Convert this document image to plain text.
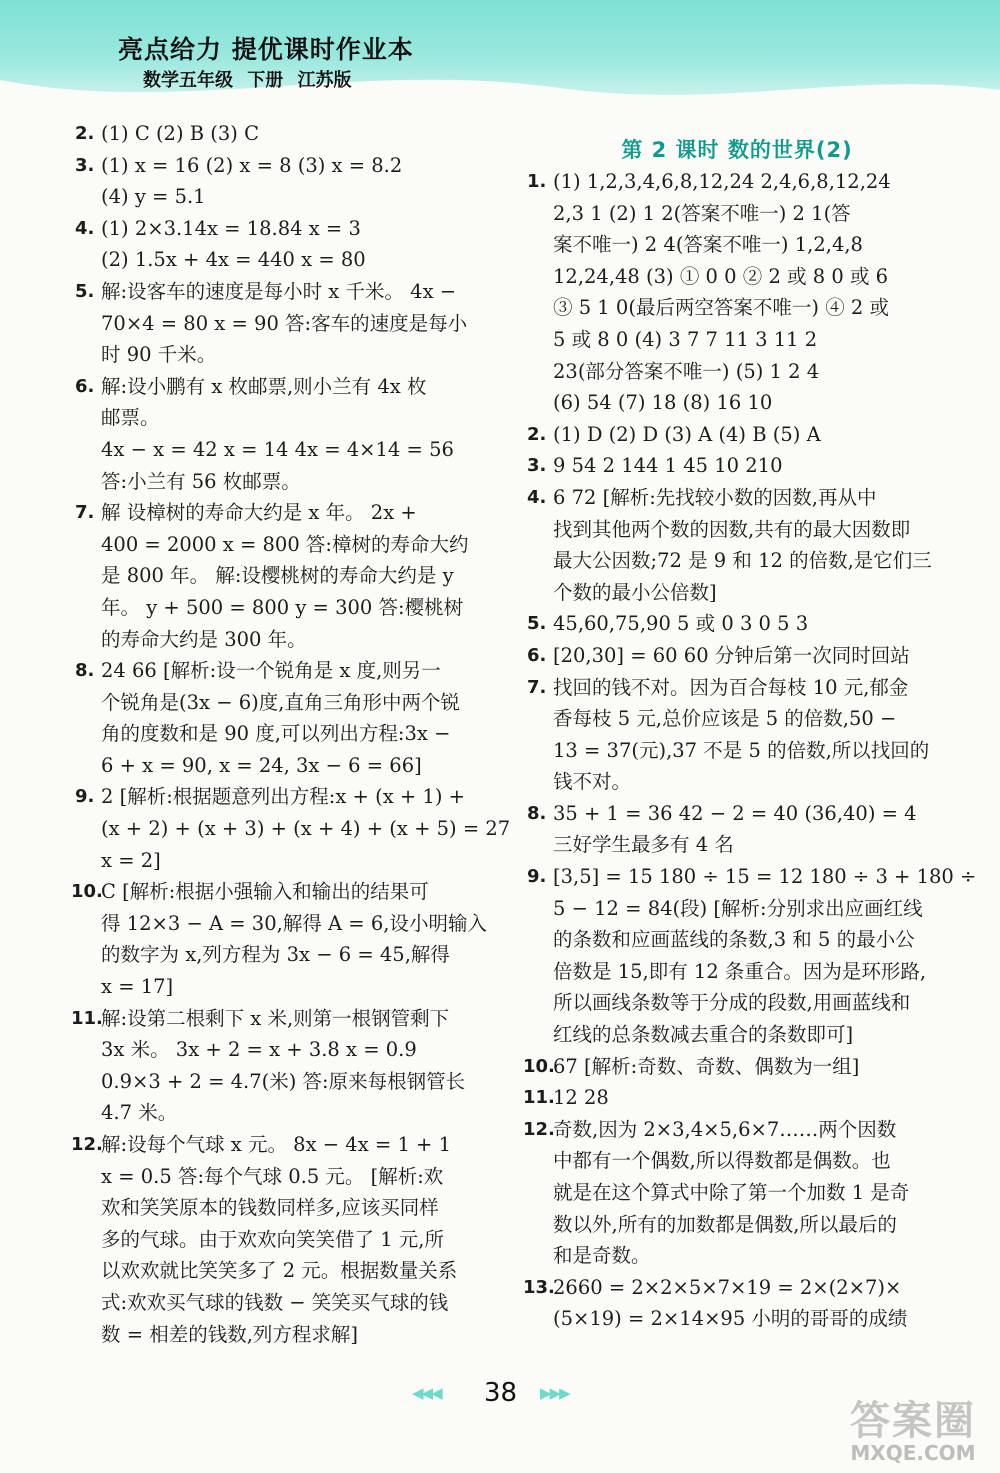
亮点给力 提优课时作业本
数学五年级 下册 江苏版
2. (1) C (2) B (3) C
3. (1) x = 16 (2) x = 8 (3) x = 8.2
(4) y = 5.1
4. (1) 2×3.14x = 18.84 x = 3
(2) 1.5x + 4x = 440 x = 80
5. 解:设客车的速度是每小时 x 千米。 4x −
70×4 = 80 x = 90 答:客车的速度是每小
时 90 千米。
6. 解:设小鹏有 x 枚邮票,则小兰有 4x 枚
邮票。
4x − x = 42 x = 14 4x = 4×14 = 56
答:小兰有 56 枚邮票。
7. 解 设樟树的寿命大约是 x 年。 2x +
400 = 2000 x = 800 答:樟树的寿命大约
是 800 年。 解:设樱桃树的寿命大约是 y
年。 y + 500 = 800 y = 300 答:樱桃树
的寿命大约是 300 年。
8. 24 66 [解析:设一个锐角是 x 度,则另一
个锐角是(3x − 6)度,直角三角形中两个锐
角的度数和是 90 度,可以列出方程:3x −
6 + x = 90, x = 24, 3x − 6 = 66]
9. 2 [解析:根据题意列出方程:x + (x + 1) +
(x + 2) + (x + 3) + (x + 4) + (x + 5) = 27
x = 2]
10.
C [解析:根据小强输入和输出的结果可
得 12×3 − A = 30,解得 A = 6,设小明输入
的数字为 x,列方程为 3x − 6 = 45,解得
x = 17]
11.
解:设第二根剩下 x 米,则第一根钢管剩下
3x 米。 3x + 2 = x + 3.8 x = 0.9
0.9×3 + 2 = 4.7(米) 答:原来每根钢管长
4.7 米。
12.
解:设每个气球 x 元。 8x − 4x = 1 + 1
x = 0.5 答:每个气球 0.5 元。 [解析:欢
欢和笑笑原本的钱数同样多,应该买同样
多的气球。由于欢欢向笑笑借了 1 元,所
以欢欢就比笑笑多了 2 元。根据数量关系
式:欢欢买气球的钱数 − 笑笑买气球的钱
数 = 相差的钱数,列方程求解]
第 2 课时 数的世界(2)
1. (1) 1,2,3,4,6,8,12,24 2,4,6,8,12,24
2,3 1 (2) 1 2(答案不唯一) 2 1(答
案不唯一) 2 4(答案不唯一) 1,2,4,8
12,24,48 (3) ① 0 0 ② 2 或 8 0 或 6
③ 5 1 0(最后两空答案不唯一) ④ 2 或
5 或 8 0 (4) 3 7 7 11 3 11 2
23(部分答案不唯一) (5) 1 2 4
(6) 54 (7) 18 (8) 16 10
2. (1) D (2) D (3) A (4) B (5) A
3. 9 54 2 144 1 45 10 210
4. 6 72 [解析:先找较小数的因数,再从中
找到其他两个数的因数,共有的最大因数即
最大公因数;72 是 9 和 12 的倍数,是它们三
个数的最小公倍数]
5. 45,60,75,90 5 或 0 3 0 5 3
6. [20,30] = 60 60 分钟后第一次同时回站
7. 找回的钱不对。因为百合每枝 10 元,郁金
香每枝 5 元,总价应该是 5 的倍数,50 −
13 = 37(元),37 不是 5 的倍数,所以找回的
钱不对。
8. 35 + 1 = 36 42 − 2 = 40 (36,40) = 4
三好学生最多有 4 名
9. [3,5] = 15 180 ÷ 15 = 12 180 ÷ 3 + 180 ÷
5 − 12 = 84(段) [解析:分别求出应画红线
的条数和应画蓝线的条数,3 和 5 的最小公
倍数是 15,即有 12 条重合。因为是环形路,
所以画线条数等于分成的段数,用画蓝线和
红线的总条数减去重合的条数即可]
10.
67 [解析:奇数、奇数、偶数为一组]
11.
12 28
12.
奇数,因为 2×3,4×5,6×7……两个因数
中都有一个偶数,所以得数都是偶数。也
就是在这个算式中除了第一个加数 1 是奇
数以外,所有的加数都是偶数,所以最后的
和是奇数。
13.
2660 = 2×2×5×7×19 = 2×(2×7)×
(5×19) = 2×14×95 小明的哥哥的成绩
◀◀◀ 38 ▶▶▶
答案圈
MXQE.COM
